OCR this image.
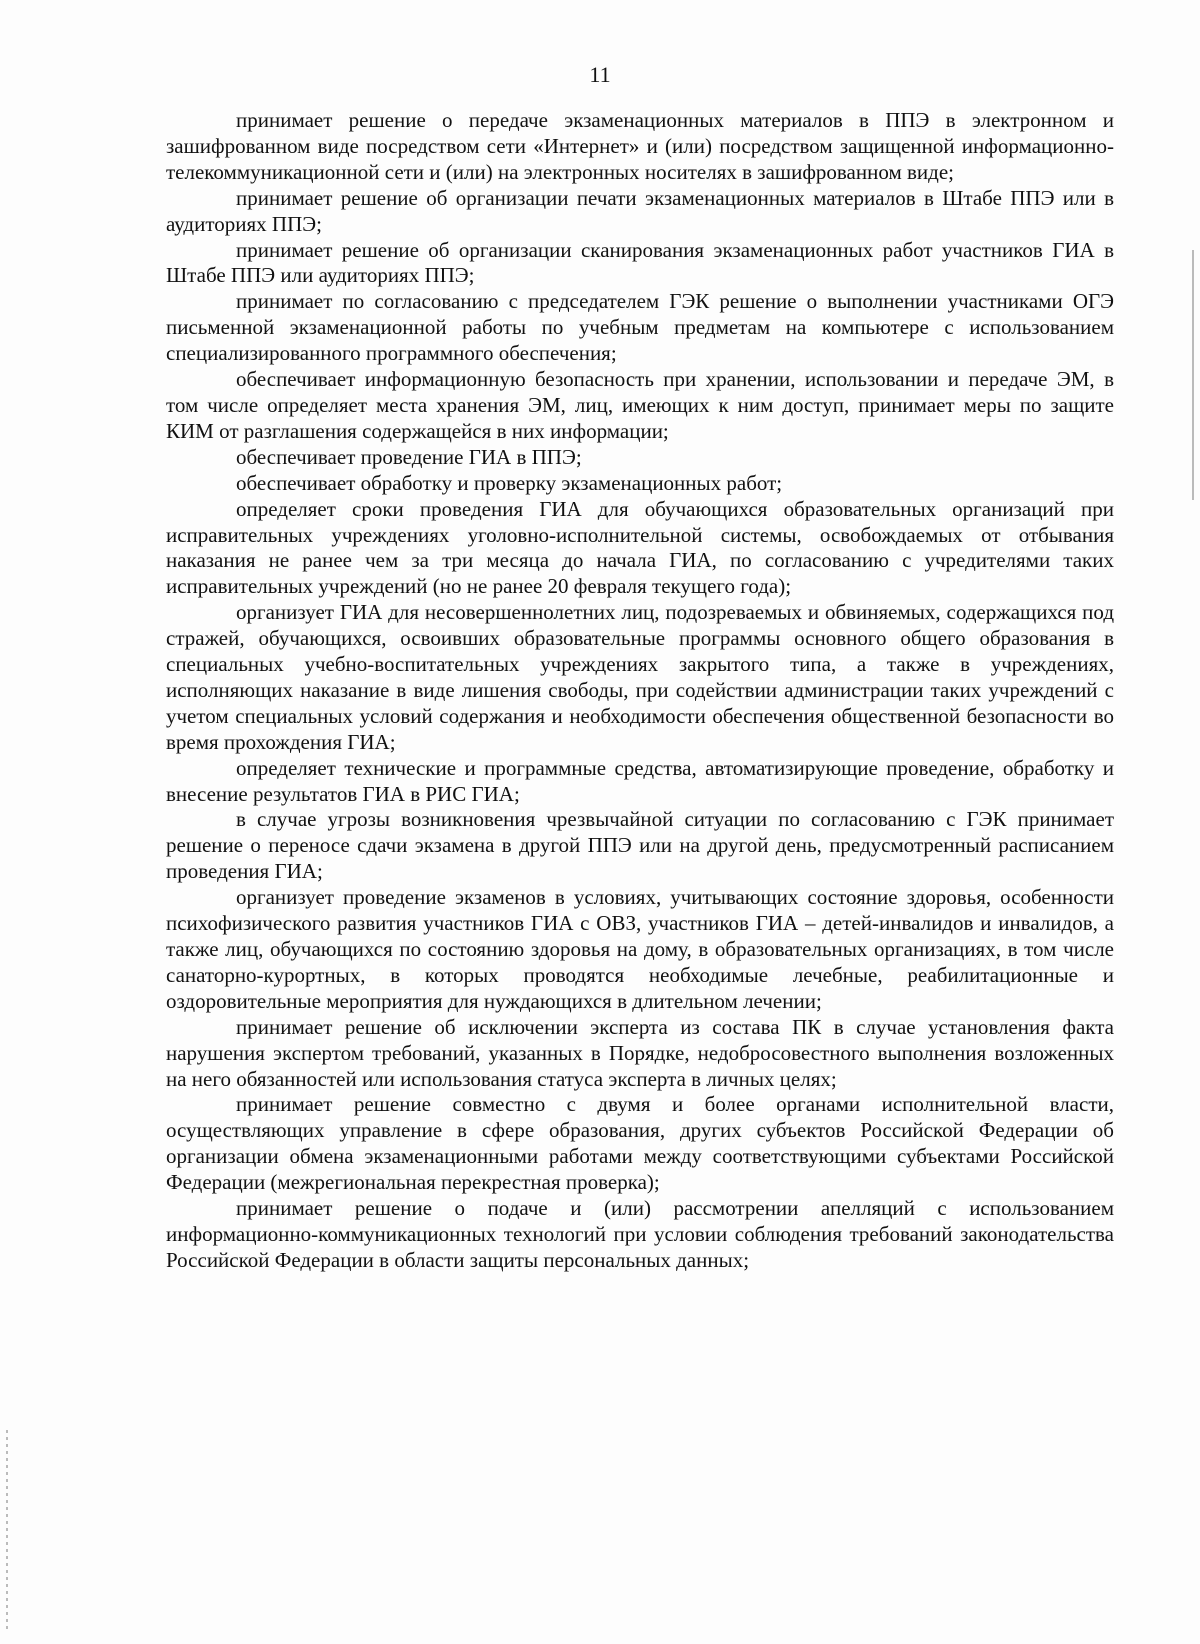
11

принимает решение о передаче экзаменационных материалов в ППЭ в электронном и зашифрованном виде посредством сети «Интернет» и (или) посредством защищенной информационно-телекоммуникационной сети и (или) на электронных носителях в зашифрованном виде;

принимает решение об организации печати экзаменационных материалов в Штабе ППЭ или в аудиториях ППЭ;

принимает решение об организации сканирования экзаменационных работ участников ГИА в Штабе ППЭ или аудиториях ППЭ;

принимает по согласованию с председателем ГЭК решение о выполнении участниками ОГЭ письменной экзаменационной работы по учебным предметам на компьютере с использованием специализированного программного обеспечения;

обеспечивает информационную безопасность при хранении, использовании и передаче ЭМ, в том числе определяет места хранения ЭМ, лиц, имеющих к ним доступ, принимает меры по защите КИМ от разглашения содержащейся в них информации;

обеспечивает проведение ГИА в ППЭ;

обеспечивает обработку и проверку экзаменационных работ;

определяет сроки проведения ГИА для обучающихся образовательных организаций при исправительных учреждениях уголовно-исполнительной системы, освобождаемых от отбывания наказания не ранее чем за три месяца до начала ГИА, по согласованию с учредителями таких исправительных учреждений (но не ранее 20 февраля текущего года);

организует ГИА для несовершеннолетних лиц, подозреваемых и обвиняемых, содержащихся под стражей, обучающихся, освоивших образовательные программы основного общего образования в специальных учебно-воспитательных учреждениях закрытого типа, а также в учреждениях, исполняющих наказание в виде лишения свободы, при содействии администрации таких учреждений с учетом специальных условий содержания и необходимости обеспечения общественной безопасности во время прохождения ГИА;

определяет технические и программные средства, автоматизирующие проведение, обработку и внесение результатов ГИА в РИС ГИА;

в случае угрозы возникновения чрезвычайной ситуации по согласованию с ГЭК принимает решение о переносе сдачи экзамена в другой ППЭ или на другой день, предусмотренный расписанием проведения ГИА;

организует проведение экзаменов в условиях, учитывающих состояние здоровья, особенности психофизического развития участников ГИА с ОВЗ, участников ГИА – детей-инвалидов и инвалидов, а также лиц, обучающихся по состоянию здоровья на дому, в образовательных организациях, в том числе санаторно-курортных, в которых проводятся необходимые лечебные, реабилитационные и оздоровительные мероприятия для нуждающихся в длительном лечении;

принимает решение об исключении эксперта из состава ПК в случае установления факта нарушения экспертом требований, указанных в Порядке, недобросовестного выполнения возложенных на него обязанностей или использования статуса эксперта в личных целях;

принимает решение совместно с двумя и более органами исполнительной власти, осуществляющих управление в сфере образования, других субъектов Российской Федерации об организации обмена экзаменационными работами между соответствующими субъектами Российской Федерации (межрегиональная перекрестная проверка);

принимает решение о подаче и (или) рассмотрении апелляций с использованием информационно-коммуникационных технологий при условии соблюдения требований законодательства Российской Федерации в области защиты персональных данных;
